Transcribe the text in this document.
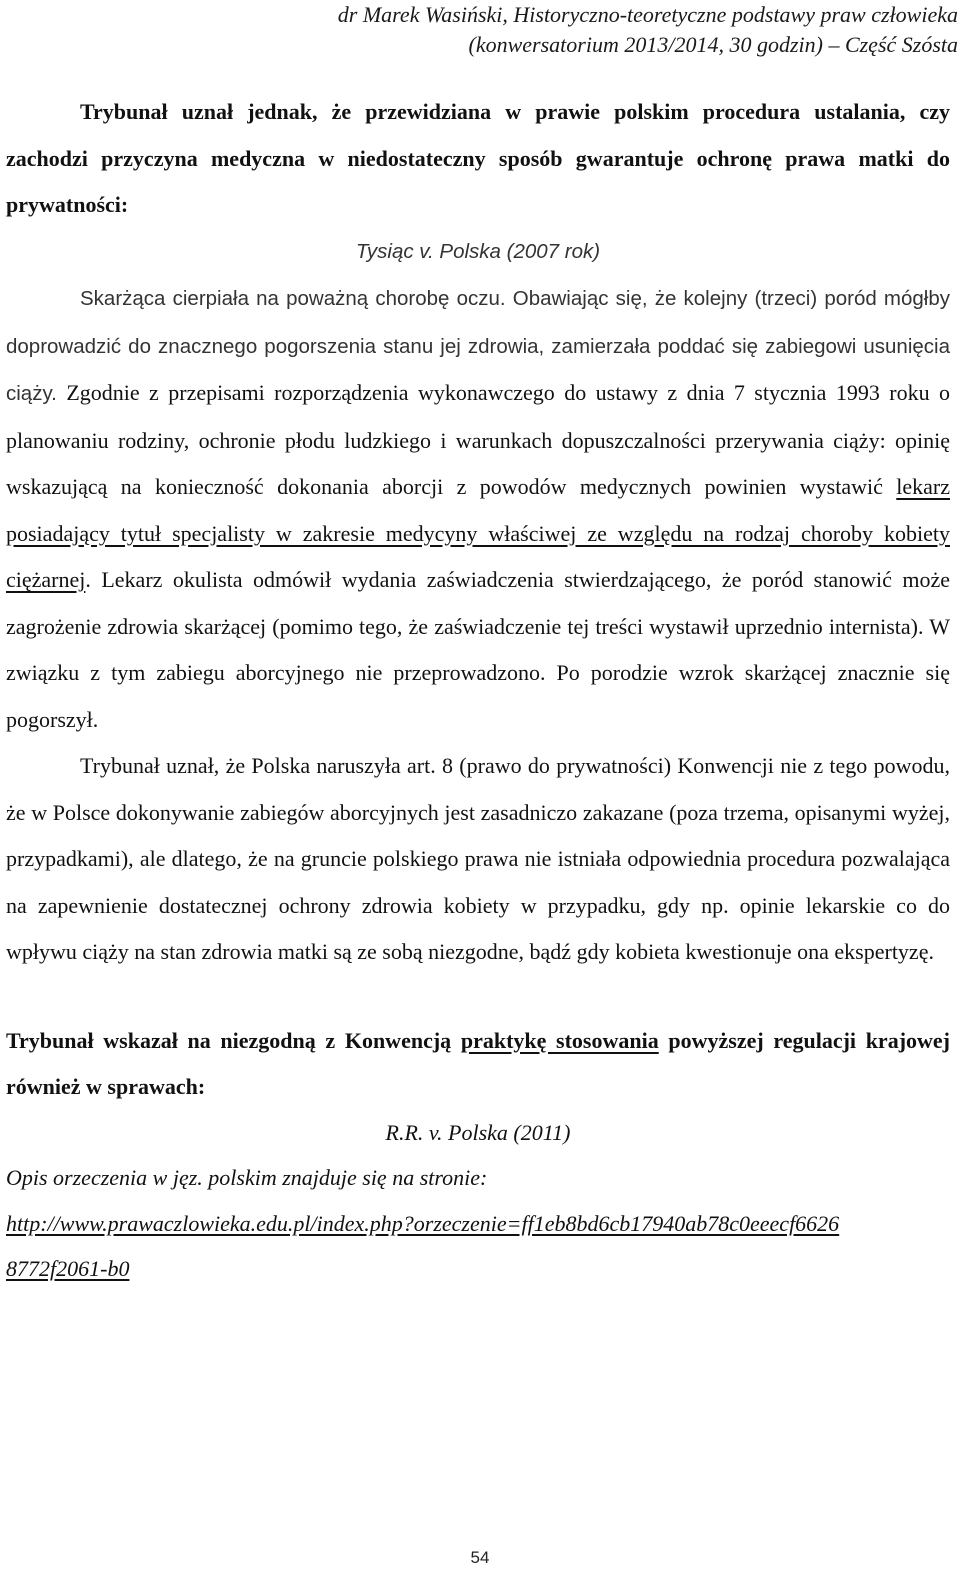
dr Marek Wasiński, Historyczno-teoretyczne podstawy praw człowieka
(konwersatorium 2013/2014, 30 godzin) – Część Szósta

Trybunał uznał jednak, że przewidziana w prawie polskim procedura ustalania, czy zachodzi przyczyna medyczna w niedostateczny sposób gwarantuje ochronę prawa matki do prywatności:

Tysiąc v. Polska (2007 rok)

Skarżąca cierpiała na poważną chorobę oczu. Obawiając się, że kolejny (trzeci) poród mógłby doprowadzić do znacznego pogorszenia stanu jej zdrowia, zamierzała poddać się zabiegowi usunięcia ciąży. Zgodnie z przepisami rozporządzenia wykonawczego do ustawy z dnia 7 stycznia 1993 roku o planowaniu rodziny, ochronie płodu ludzkiego i warunkach dopuszczalności przerywania ciąży: opinię wskazującą na konieczność dokonania aborcji z powodów medycznych powinien wystawić lekarz posiadający tytuł specjalisty w zakresie medycyny właściwej ze względu na rodzaj choroby kobiety ciężarnej. Lekarz okulista odmówił wydania zaświadczenia stwierdzającego, że poród stanowić może zagrożenie zdrowia skarżącej (pomimo tego, że zaświadczenie tej treści wystawił uprzednio internista). W związku z tym zabiegu aborcyjnego nie przeprowadzono. Po porodzie wzrok skarżącej znacznie się pogorszył.

Trybunał uznał, że Polska naruszyła art. 8 (prawo do prywatności) Konwencji nie z tego powodu, że w Polsce dokonywanie zabiegów aborcyjnych jest zasadniczo zakazane (poza trzema, opisanymi wyżej, przypadkami), ale dlatego, że na gruncie polskiego prawa nie istniała odpowiednia procedura pozwalająca na zapewnienie dostatecznej ochrony zdrowia kobiety w przypadku, gdy np. opinie lekarskie co do wpływu ciąży na stan zdrowia matki są ze sobą niezgodne, bądź gdy kobieta kwestionuje ona ekspertyzę.

Trybunał wskazał na niezgodną z Konwencją praktykę stosowania powyższej regulacji krajowej również w sprawach:

R.R. v. Polska (2011)

Opis orzeczenia w jęz. polskim znajduje się na stronie:

http://www.prawaczlowieka.edu.pl/index.php?orzeczenie=ff1eb8bd6cb17940ab78c0eeecf6626
8772f2061-b0

54
